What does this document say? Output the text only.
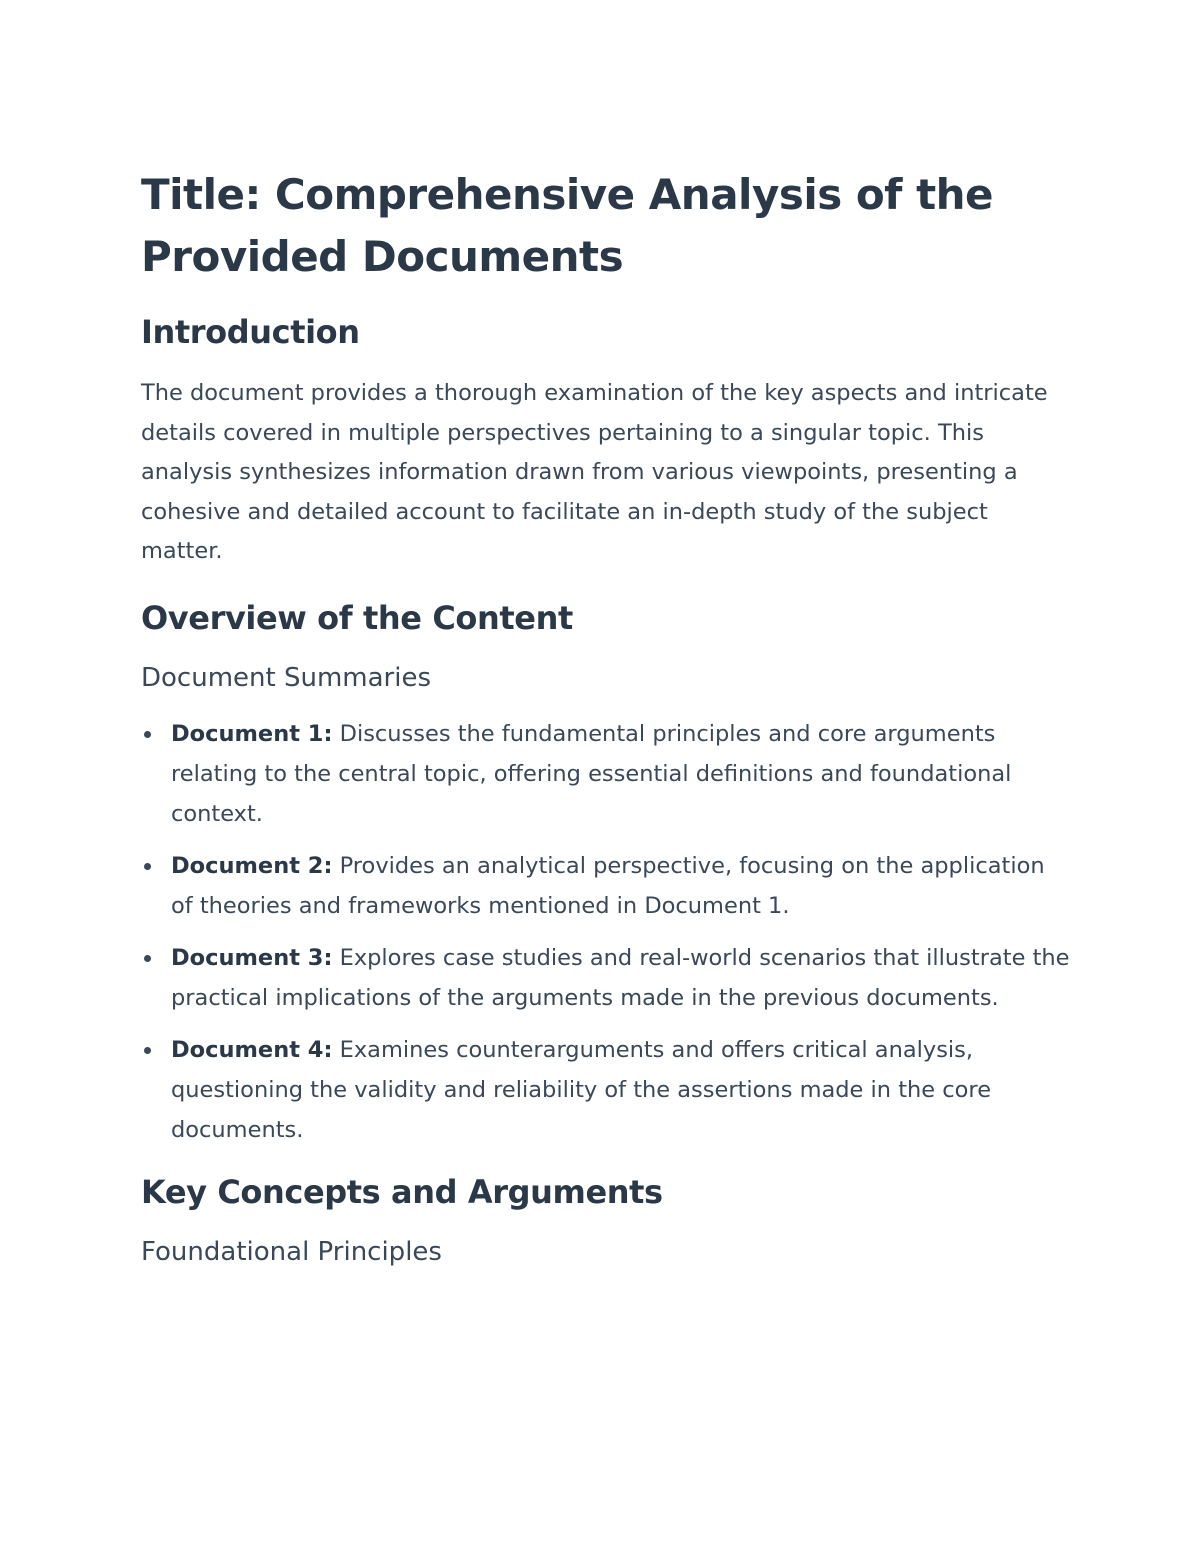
Title: Comprehensive Analysis of the Provided Documents
Introduction

The document provides a thorough examination of the key aspects and intricate details covered in multiple perspectives pertaining to a singular topic. This analysis synthesizes information drawn from various viewpoints, presenting a cohesive and detailed account to facilitate an in-depth study of the subject matter.

Overview of the Content
Document Summaries
Document 1: Discusses the fundamental principles and core arguments relating to the central topic, offering essential definitions and foundational context.
Document 2: Provides an analytical perspective, focusing on the application of theories and frameworks mentioned in Document 1.
Document 3: Explores case studies and real-world scenarios that illustrate the practical implications of the arguments made in the previous documents.
Document 4: Examines counterarguments and offers critical analysis, questioning the validity and reliability of the assertions made in the core documents.
Key Concepts and Arguments
Foundational Principles
